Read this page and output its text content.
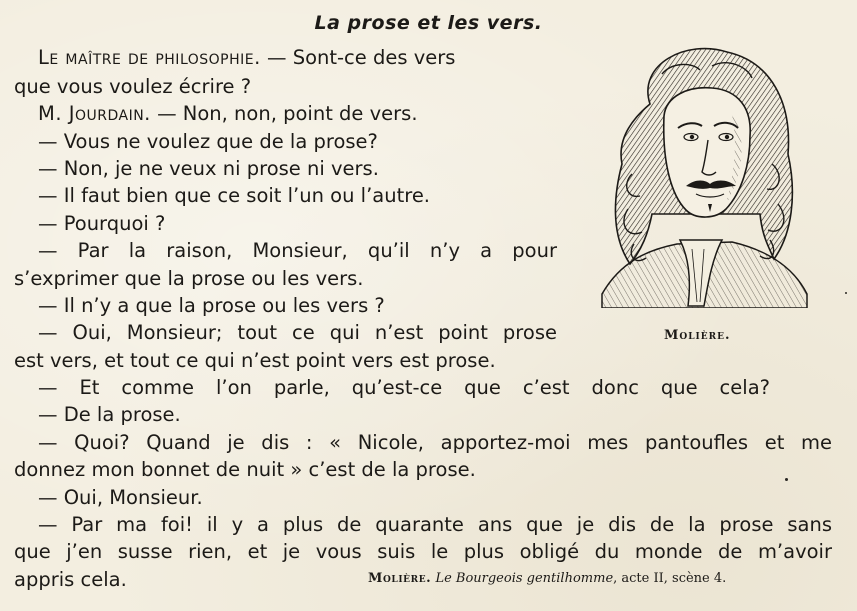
La prose et les vers.
Le maître de philosophie. — Sont-ce des vers
que vous voulez écrire ?
M. Jourdain. — Non, non, point de vers.
— Vous ne voulez que de la prose?
— Non, je ne veux ni prose ni vers.
— Il faut bien que ce soit l’un ou l’autre.
— Pourquoi ?
— Par la raison, Monsieur, qu’il n’y a pour
s’exprimer que la prose ou les vers.
— Il n’y a que la prose ou les vers ?
— Oui, Monsieur; tout ce qui n’est point prose
est vers, et tout ce qui n’est point vers est prose.
— Et comme l’on parle, qu’est-ce que c’est donc que cela?
— De la prose.
— Quoi? Quand je dis : « Nicole, apportez-moi mes pantoufles et me
donnez mon bonnet de nuit » c’est de la prose.
— Oui, Monsieur.
— Par ma foi! il y a plus de quarante ans que je dis de la prose sans
que j’en susse rien, et je vous suis le plus obligé du monde de m’avoir
appris cela.	Molière. Le Bourgeois gentilhomme, acte II, scène 4.
Molière.
